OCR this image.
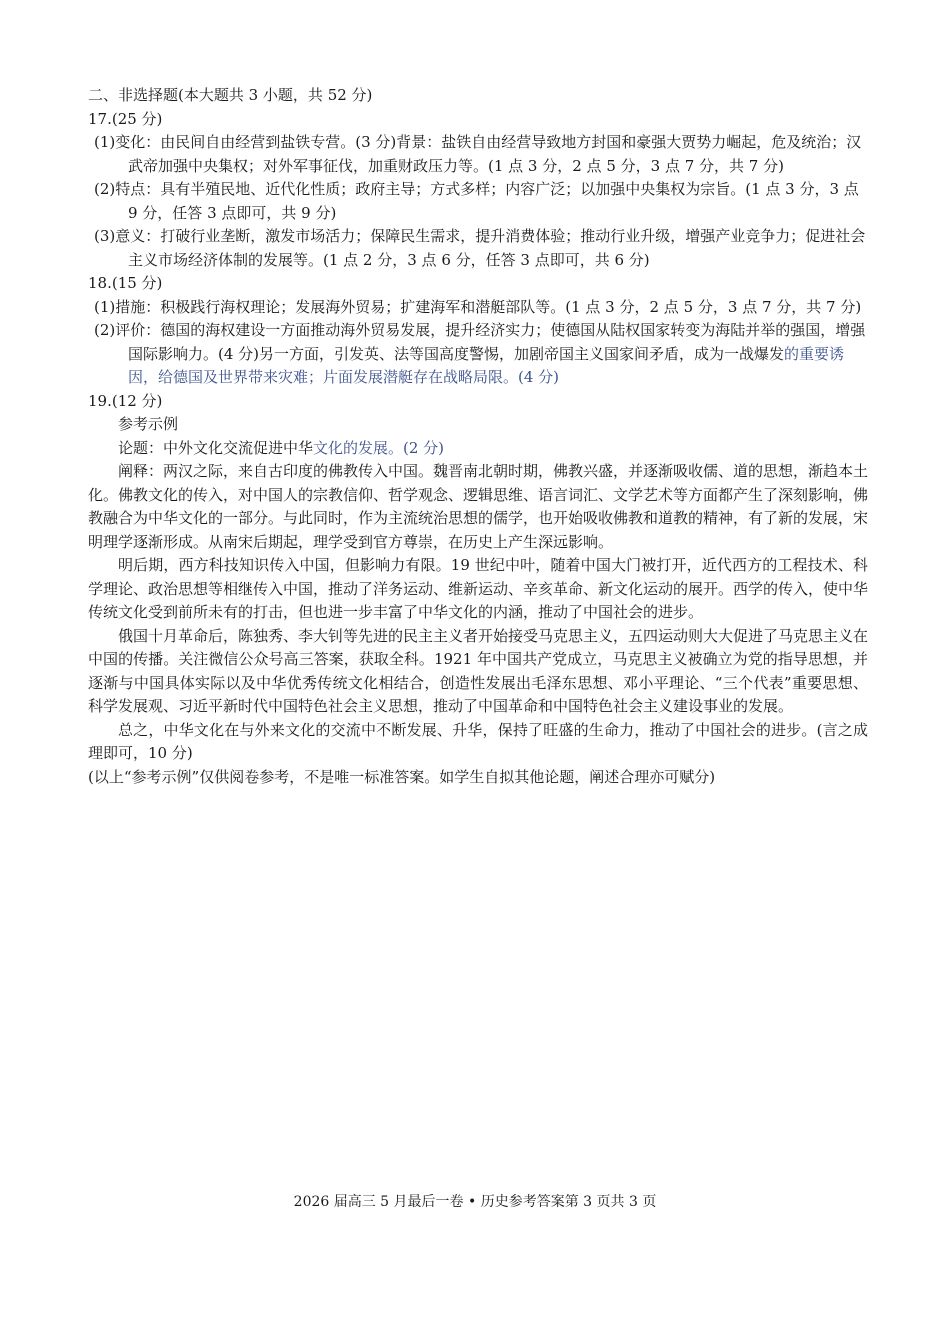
二、非选择题(本大题共 3 小题，共 52 分)
17.(25 分)
(1)变化：由民间自由经营到盐铁专营。(3 分)背景：盐铁自由经营导致地方封国和豪强大贾势力崛起，危及统治；汉武帝加强中央集权；对外军事征伐，加重财政压力等。(1 点 3 分，2 点 5 分，3 点 7 分，共 7 分)
(2)特点：具有半殖民地、近代化性质；政府主导；方式多样；内容广泛；以加强中央集权为宗旨。(1 点 3 分，3 点 9 分，任答 3 点即可，共 9 分)
(3)意义：打破行业垄断，激发市场活力；保障民生需求，提升消费体验；推动行业升级，增强产业竞争力；促进社会主义市场经济体制的发展等。(1 点 2 分，3 点 6 分，任答 3 点即可，共 6 分)
18.(15 分)
(1)措施：积极践行海权理论；发展海外贸易；扩建海军和潜艇部队等。(1 点 3 分，2 点 5 分，3 点 7 分，共 7 分)
(2)评价：德国的海权建设一方面推动海外贸易发展，提升经济实力；使德国从陆权国家转变为海陆并举的强国，增强国际影响力。(4 分)另一方面，引发英、法等国高度警惕，加剧帝国主义国家间矛盾，成为一战爆发的重要诱因，给德国及世界带来灾难；片面发展潜艇存在战略局限。(4 分)
19.(12 分)
参考示例
论题：中外文化交流促进中华文化的发展。(2 分)
阐释：两汉之际，来自古印度的佛教传入中国。魏晋南北朝时期，佛教兴盛，并逐渐吸收儒、道的思想，渐趋本土化。佛教文化的传入，对中国人的宗教信仰、哲学观念、逻辑思维、语言词汇、文学艺术等方面都产生了深刻影响，佛教融合为中华文化的一部分。与此同时，作为主流统治思想的儒学，也开始吸收佛教和道教的精神，有了新的发展，宋明理学逐渐形成。从南宋后期起，理学受到官方尊崇，在历史上产生深远影响。
明后期，西方科技知识传入中国，但影响力有限。19 世纪中叶，随着中国大门被打开，近代西方的工程技术、科学理论、政治思想等相继传入中国，推动了洋务运动、维新运动、辛亥革命、新文化运动的展开。西学的传入，使中华传统文化受到前所未有的打击，但也进一步丰富了中华文化的内涵，推动了中国社会的进步。
俄国十月革命后，陈独秀、李大钊等先进的民主主义者开始接受马克思主义，五四运动则大大促进了马克思主义在中国的传播。关注微信公众号高三答案，获取全科。1921 年中国共产党成立，马克思主义被确立为党的指导思想，并逐渐与中国具体实际以及中华优秀传统文化相结合，创造性发展出毛泽东思想、邓小平理论、“三个代表”重要思想、科学发展观、习近平新时代中国特色社会主义思想，推动了中国革命和中国特色社会主义建设事业的发展。
总之，中华文化在与外来文化的交流中不断发展、升华，保持了旺盛的生命力，推动了中国社会的进步。(言之成理即可，10 分)
(以上“参考示例”仅供阅卷参考，不是唯一标准答案。如学生自拟其他论题，阐述合理亦可赋分)
2026 届高三 5 月最后一卷 • 历史参考答案第 3 页共 3 页
